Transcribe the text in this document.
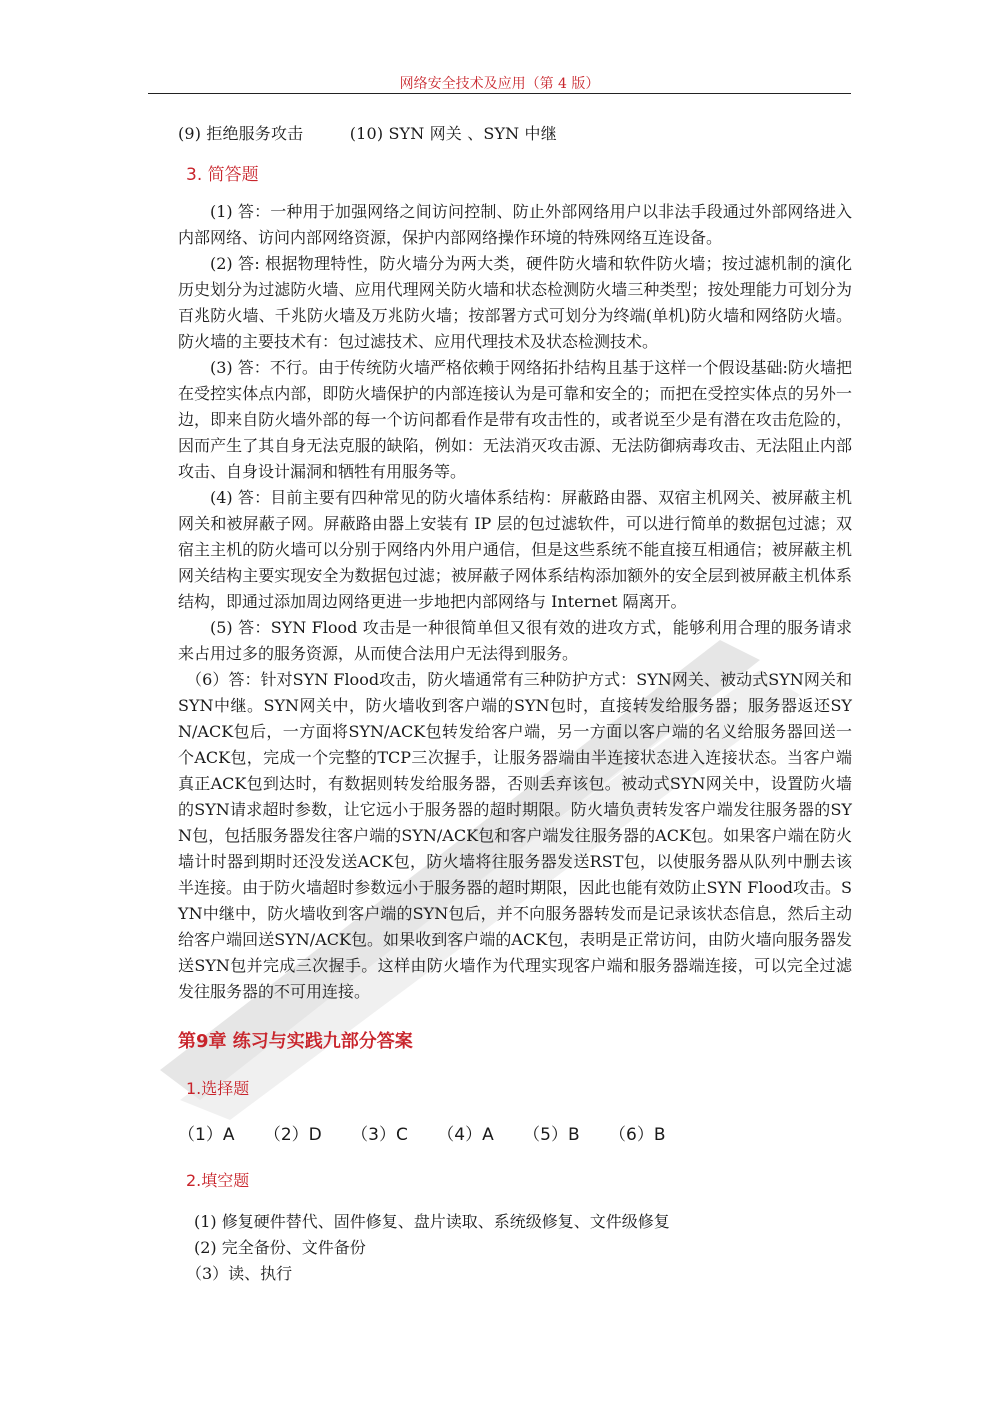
网络安全技术及应用（第 4 版）
(9) 拒绝服务攻击	(10) SYN 网关 、SYN 中继
3. 简答题

(1) 答：一种用于加强网络之间访问控制、防止外部网络用户以非法手段通过外部网络进入内部网络、访问内部网络资源，保护内部网络操作环境的特殊网络互连设备。

(2) 答: 根据物理特性，防火墙分为两大类，硬件防火墙和软件防火墙；按过滤机制的演化历史划分为过滤防火墙、应用代理网关防火墙和状态检测防火墙三种类型；按处理能力可划分为百兆防火墙、千兆防火墙及万兆防火墙；按部署方式可划分为终端(单机)防火墙和网络防火墙。防火墙的主要技术有：包过滤技术、应用代理技术及状态检测技术。

(3) 答：不行。由于传统防火墙严格依赖于网络拓扑结构且基于这样一个假设基础:防火墙把在受控实体点内部，即防火墙保护的内部连接认为是可靠和安全的；而把在受控实体点的另外一边，即来自防火墙外部的每一个访问都看作是带有攻击性的，或者说至少是有潜在攻击危险的，因而产生了其自身无法克服的缺陷，例如：无法消灭攻击源、无法防御病毒攻击、无法阻止内部攻击、自身设计漏洞和牺牲有用服务等。

(4) 答：目前主要有四种常见的防火墙体系结构：屏蔽路由器、双宿主机网关、被屏蔽主机网关和被屏蔽子网。屏蔽路由器上安装有 IP 层的包过滤软件，可以进行简单的数据包过滤；双宿主主机的防火墙可以分别于网络内外用户通信，但是这些系统不能直接互相通信；被屏蔽主机网关结构主要实现安全为数据包过滤；被屏蔽子网体系结构添加额外的安全层到被屏蔽主机体系结构，即通过添加周边网络更进一步地把内部网络与 Internet 隔离开。

(5) 答：SYN Flood 攻击是一种很简单但又很有效的进攻方式，能够利用合理的服务请求来占用过多的服务资源，从而使合法用户无法得到服务。

（6）答：针对SYN Flood攻击，防火墙通常有三种防护方式：SYN网关、被动式SYN网关和SYN中继。SYN网关中，防火墙收到客户端的SYN包时，直接转发给服务器；服务器返还SYN/ACK包后，一方面将SYN/ACK包转发给客户端，另一方面以客户端的名义给服务器回送一个ACK包，完成一个完整的TCP三次握手，让服务器端由半连接状态进入连接状态。当客户端真正ACK包到达时，有数据则转发给服务器，否则丢弃该包。被动式SYN网关中，设置防火墙的SYN请求超时参数，让它远小于服务器的超时期限。防火墙负责转发客户端发往服务器的SYN包，包括服务器发往客户端的SYN/ACK包和客户端发往服务器的ACK包。如果客户端在防火墙计时器到期时还没发送ACK包，防火墙将往服务器发送RST包，以使服务器从队列中删去该半连接。由于防火墙超时参数远小于服务器的超时期限，因此也能有效防止SYN Flood攻击。SYN中继中，防火墙收到客户端的SYN包后，并不向服务器转发而是记录该状态信息，然后主动给客户端回送SYN/ACK包。如果收到客户端的ACK包，表明是正常访问，由防火墙向服务器发送SYN包并完成三次握手。这样由防火墙作为代理实现客户端和服务器端连接，可以完全过滤发往服务器的不可用连接。

第9章 练习与实践九部分答案
1.选择题
（1）A （2）D （3）C （4）A （5）B （6）B
2.填空题
(1) 修复硬件替代、固件修复、盘片读取、系统级修复、文件级修复
(2) 完全备份、文件备份
（3）读、执行
